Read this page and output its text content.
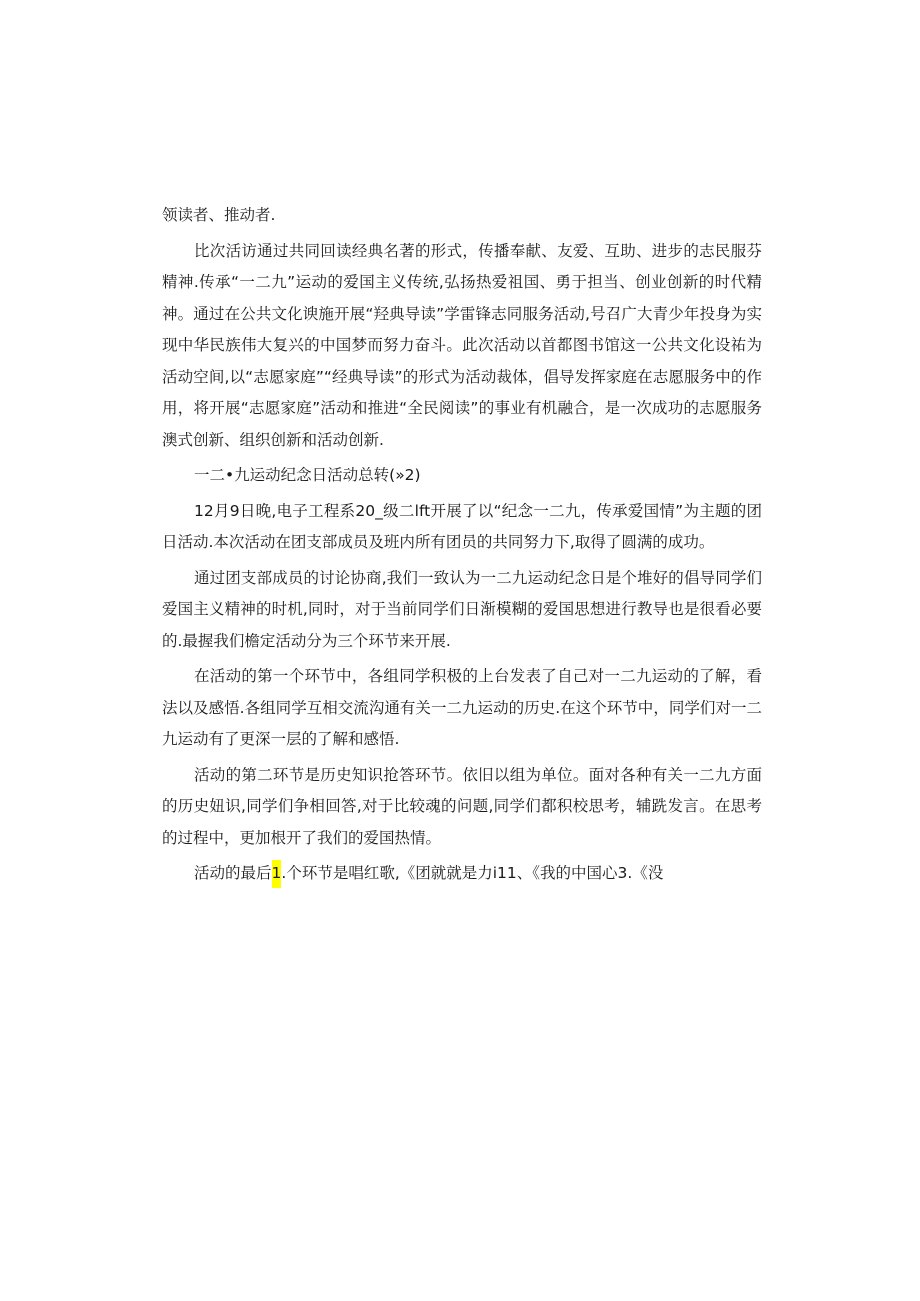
领读者、推动者.

比次活访通过共同回读经典名著的形式，传播奉献、友爱、互助、进步的志民服芬精神.传承“一二九”运动的爱国主义传统,弘扬热爱祖国、勇于担当、创业创新的时代精神。通过在公共文化谀施开展“羟典导读”学雷锋志同服务活动,号召广大青少年投身为实现中华民族伟大复兴的中国梦而努力奋斗。此次活动以首都图书馆这一公共文化设祐为活动空间,以“志愿家庭”“经典导读”的形式为活动裁体，倡导发挥家庭在志愿服务中的作用，将开展“志愿家庭”活动和推进“全民阅读”的事业有机融合，是一次成功的志愿服务澳式创新、组织创新和活动创新.

一二•九运动纪念日活动总转(»2)

12月9日晚,电子工程系20_级二lft开展了以“纪念一二九，传承爱国情”为主题的团日活动.本次活动在团支部成员及班内所有团员的共同努力下,取得了圆满的成功。

通过团支部成员的讨论协商,我们一致认为一二九运动纪念日是个堆好的倡导同学们爱国主义精神的时机,同时，对于当前同学们日渐模糊的爱国思想进行教导也是很看必要的.最握我们檐定活动分为三个环节来开展.

在活动的第一个环节中，各组同学积极的上台发表了自己对一二九运动的了解，看法以及感悟.各组同学互相交流沟通有关一二九运动的历史.在这个环节中，同学们对一二九运动有了更深一层的了解和感悟.

活动的第二环节是历史知识抢答环节。依旧以组为单位。面对各种有关一二九方面的历史妞识,同学们争相回答,对于比较魂的问题,同学们都积校思考，辅跣发言。在思考的过程中，更加根开了我们的爱国热情。

活动的最后1.个环节是唱红歌,《团就就是力i11、《我的中国心3.《没
